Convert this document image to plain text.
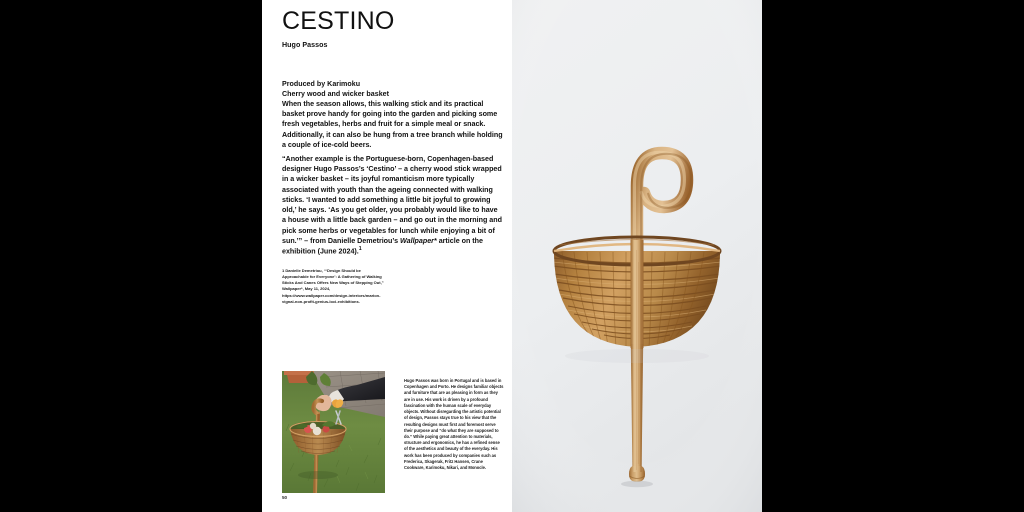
CESTINO
Hugo Passos
Produced by Karimoku
Cherry wood and wicker basket
When the season allows, this walking stick and its practical basket prove handy for going into the garden and picking some fresh vegetables, herbs and fruit for a simple meal or snack. Additionally, it can also be hung from a tree branch while holding a couple of ice-cold beers.
“Another example is the Portuguese-born, Copenhagen-based designer Hugo Passos’s ‘Cestino’ – a cherry wood stick wrapped in a wicker basket – its joyful romanticism more typically associated with youth than the ageing connected with walking sticks. ‘I wanted to add something a little bit joyful to growing old,’ he says. ‘As you get older, you probably would like to have a house with a little back garden – and go out in the morning and pick some herbs or vegetables for lunch while enjoying a bit of sun.’” – from Danielle Demetriou’s Wallpaper* article on the exhibition (June 2024).$^1$
1 Danielle Demetriou, “‘Design Should be Approachable for Everyone’: A Gathering of Walking Sticks And Canes Offers New Ways of Stepping Out,” Wallpaper*, May 11, 2024, https://www.wallpaper.com/design-interiors/marion-vignal-non-profit-genius-loci-exhibitions.
Hugo Passos was born in Portugal and is based in Copenhagen and Porto. He designs familiar objects and furniture that are as pleasing in form as they are in use. His work is driven by a profound fascination with the human scale of everyday objects. Without disregarding the artistic potential of design, Passos stays true to his view that the resulting designs must first and foremost serve their purpose and “do what they are supposed to do.” While paying great attention to materials, structure and ergonomics, he has a refined sense of the aesthetics and beauty of the everyday. His work has been produced by companies such as Frederica, Skagerak, Fritz Hansen, Crane Cookware, Karimoku, Nikari, and Monocle.
50
